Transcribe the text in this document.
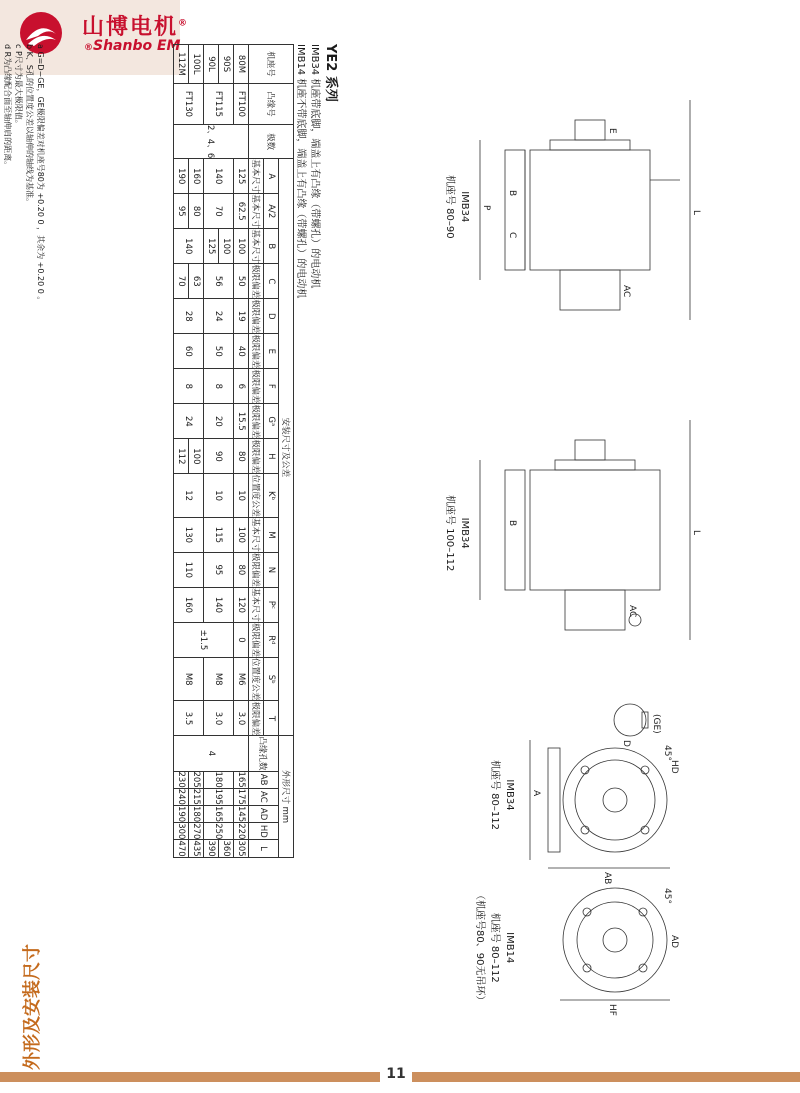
山博电机®
®Shanbo EM
外形及安装尺寸
11
L
AC
B
C
E
P
L
AC
B
D
(GE)
A
AB
HD
45°
HF
AD
45°
IMB34
机座号 80–90
IMB34
机座号 100–112
IMB34
机座号 80–112
IMB14
机座号 80–112
（机座号80、90无吊环）
YE2 系列
IMB34 机座带底脚，端盖上有凸缘（带螺孔）的电动机
IMB14 机座不带底脚，端盖上有凸缘（带螺孔）的电动机
机座号	凸缘号	极数	安装尺寸及公差																外形尺寸 mm					
			A	A/2	B	C	D	E	F	Gᵃ	H	Kᵇ	M	N	Pᶜ	Rᵈ	Sᵇ	T	凸缘孔数	AB	AC	AD	HD	L
			基本尺寸	基本尺寸	基本尺寸	极限偏差	极限偏差	极限偏差	极限偏差	极限偏差	极限偏差	位置度公差	基本尺寸	极限偏差	基本尺寸	极限偏差	位置度公差	极限偏差						
80M	FT100	2、4、6	125	62.5	100	50	19	40	6	15.5	80	10	100	80	120	0	M6	3.0	4	165	175	145	220	305
90S	FT115		140	70	100	56	24	50	8	20	90	10	115	95	140	±1.5	M8	3.0		180	195	165	250	360
90L					125																			390
100L	FT130		160	80	140	63	28	60	8	24	100	12	130	110	160		M8	3.5		205	215	180	270	435
112M			190	95		70					112									230	240	190	300	470
a G=D−GE，GE极限偏差对机座号80为 +0.20 0 ，其余为 +0.20 0 。
b K、S孔的位置度公差以轴伸的轴线为基准。
c P尺寸为最大极限值。
d R为凸缘配合面至轴伸肩的距离。
